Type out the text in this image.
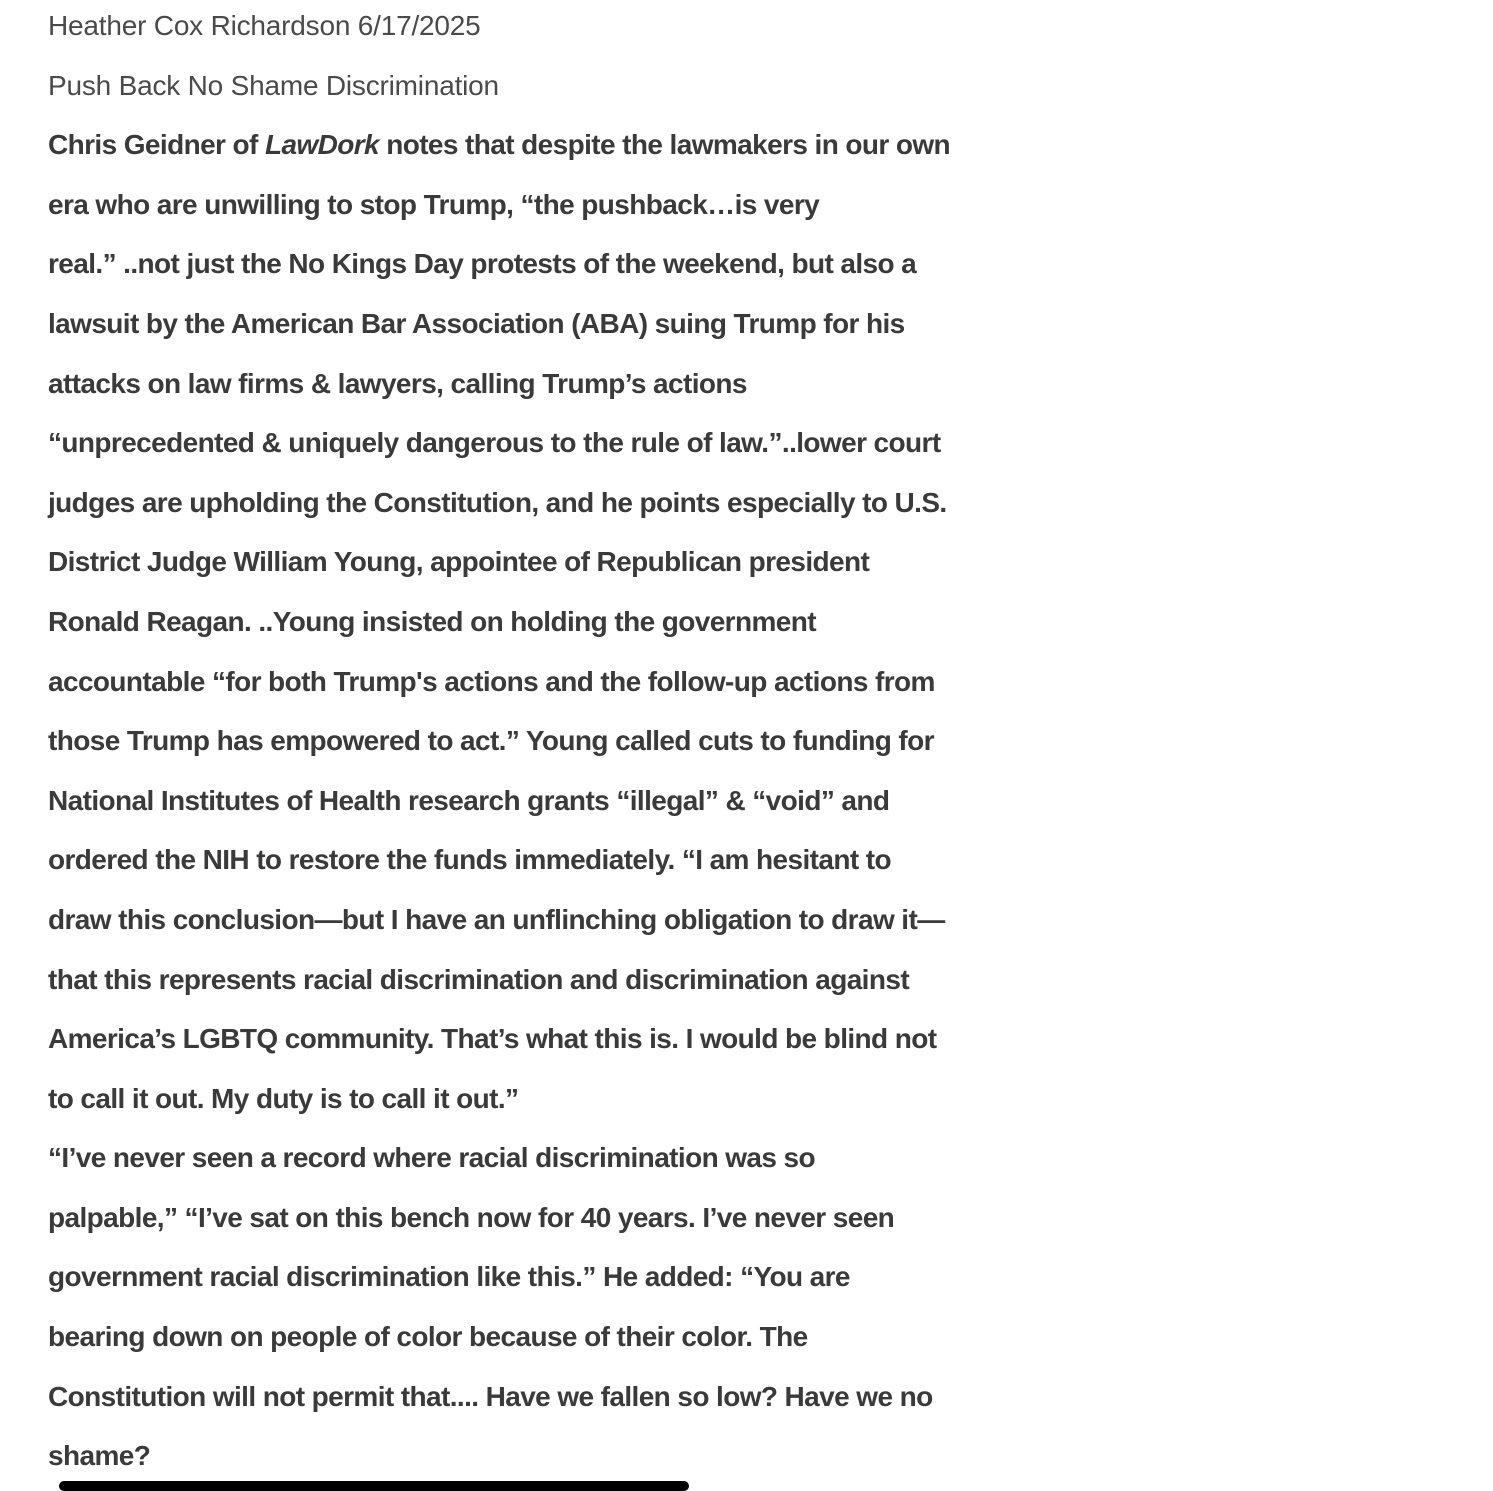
Heather Cox Richardson 6/17/2025
Push Back No Shame Discrimination
Chris Geidner of LawDork notes that despite the lawmakers in our own
era who are unwilling to stop Trump, “the pushback…is very
real.” ..not just the No Kings Day protests of the weekend, but also a
lawsuit by the American Bar Association (ABA) suing Trump for his
attacks on law firms & lawyers, calling Trump’s actions
“unprecedented & uniquely dangerous to the rule of law.”..lower court
judges are upholding the Constitution, and he points especially to U.S.
District Judge William Young, appointee of Republican president
Ronald Reagan. ..Young insisted on holding the government
accountable “for both Trump's actions and the follow-up actions from
those Trump has empowered to act.” Young called cuts to funding for
National Institutes of Health research grants “illegal” & “void” and
ordered the NIH to restore the funds immediately. “I am hesitant to
draw this conclusion—but I have an unflinching obligation to draw it—
that this represents racial discrimination and discrimination against
America’s LGBTQ community. That’s what this is. I would be blind not
to call it out. My duty is to call it out.”
“I’ve never seen a record where racial discrimination was so
palpable,” “I’ve sat on this bench now for 40 years. I’ve never seen
government racial discrimination like this.” He added: “You are
bearing down on people of color because of their color. The
Constitution will not permit that.... Have we fallen so low? Have we no
shame?
